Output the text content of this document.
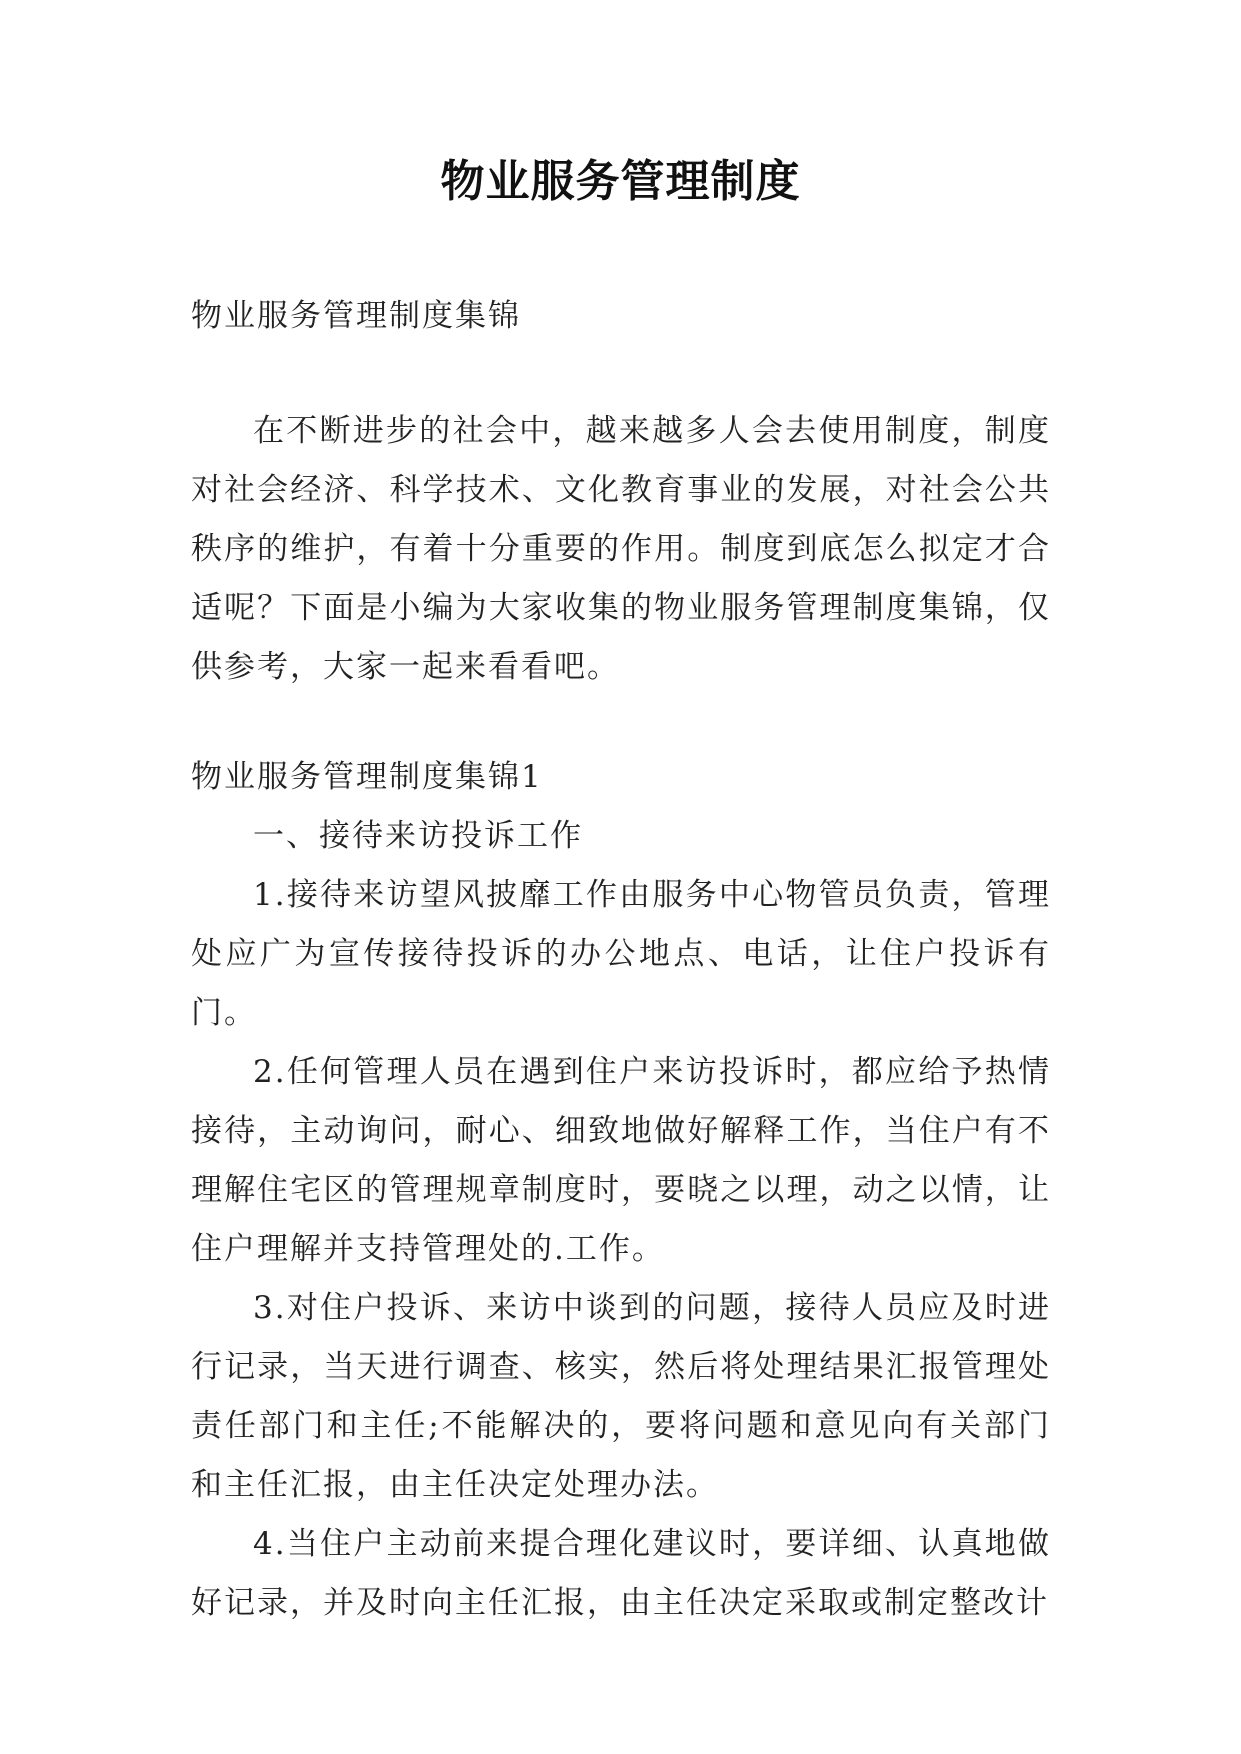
物业服务管理制度
物业服务管理制度集锦

在不断进步的社会中，越来越多人会去使用制度，制度对社会经济、科学技术、文化教育事业的发展，对社会公共秩序的维护，有着十分重要的作用。制度到底怎么拟定才合适呢？下面是小编为大家收集的物业服务管理制度集锦，仅供参考，大家一起来看看吧。

物业服务管理制度集锦1

一、接待来访投诉工作

1.接待来访望风披靡工作由服务中心物管员负责，管理处应广为宣传接待投诉的办公地点、电话，让住户投诉有门。

2.任何管理人员在遇到住户来访投诉时，都应给予热情接待，主动询问，耐心、细致地做好解释工作，当住户有不理解住宅区的管理规章制度时，要晓之以理，动之以情，让住户理解并支持管理处的.工作。

3.对住户投诉、来访中谈到的问题，接待人员应及时进行记录，当天进行调查、核实，然后将处理结果汇报管理处责任部门和主任;不能解决的，要将问题和意见向有关部门和主任汇报，由主任决定处理办法。

4.当住户主动前来提合理化建议时，要详细、认真地做好记录，并及时向主任汇报，由主任决定采取或制定整改计
